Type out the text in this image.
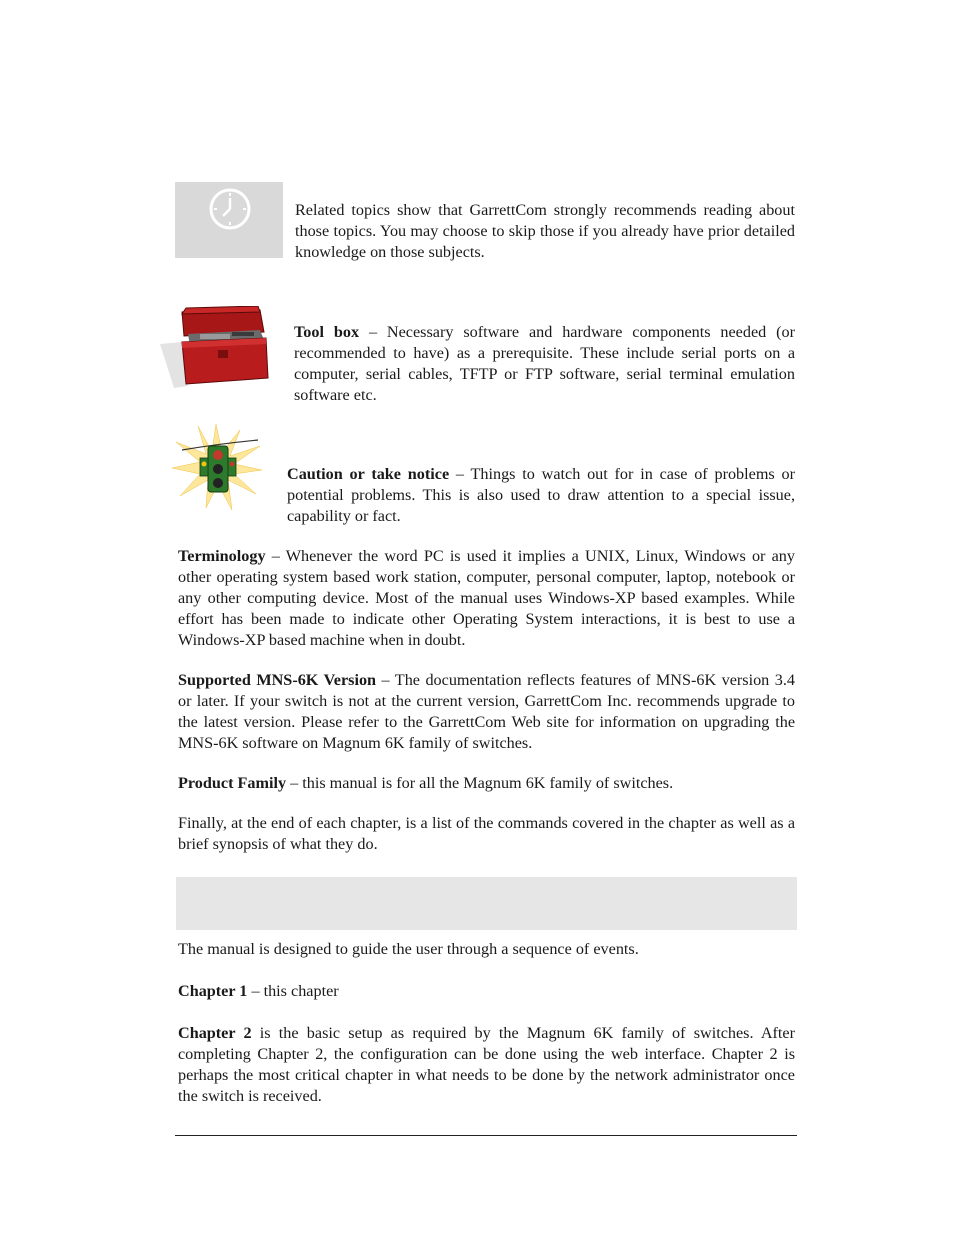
Related topics show that GarrettCom strongly recommends reading about those topics. You may choose to skip those if you already have prior detailed knowledge on those subjects.

Tool box – Necessary software and hardware components needed (or recommended to have) as a prerequisite. These include serial ports on a computer, serial cables, TFTP or FTP software, serial terminal emulation software etc.

Caution or take notice – Things to watch out for in case of problems or potential problems. This is also used to draw attention to a special issue, capability or fact.

Terminology – Whenever the word PC is used it implies a UNIX, Linux, Windows or any other operating system based work station, computer, personal computer, laptop, notebook or any other computing device. Most of the manual uses Windows-XP based examples. While effort has been made to indicate other Operating System interactions, it is best to use a Windows-XP based machine when in doubt.

Supported MNS-6K Version – The documentation reflects features of MNS-6K version 3.4 or later. If your switch is not at the current version, GarrettCom Inc. recommends upgrade to the latest version. Please refer to the GarrettCom Web site for information on upgrading the MNS-6K software on Magnum 6K family of switches.

Product Family – this manual is for all the Magnum 6K family of switches.

Finally, at the end of each chapter, is a list of the commands covered in the chapter as well as a brief synopsis of what they do.

The manual is designed to guide the user through a sequence of events.

Chapter 1 – this chapter

Chapter 2 is the basic setup as required by the Magnum 6K family of switches. After completing Chapter 2, the configuration can be done using the web interface. Chapter 2 is perhaps the most critical chapter in what needs to be done by the network administrator once the switch is received.
